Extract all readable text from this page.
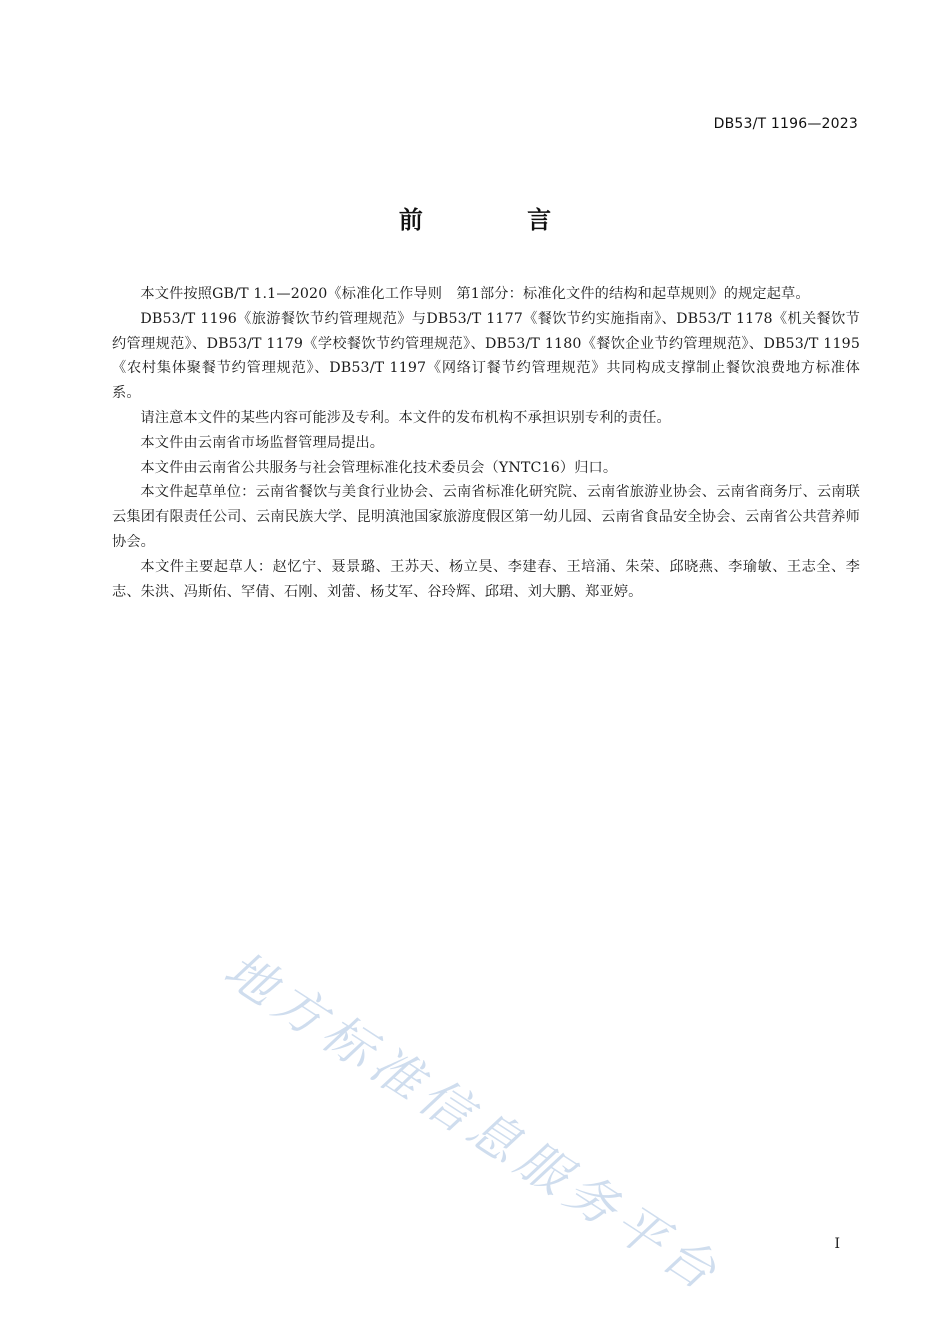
DB53/T 1196—2023
前 言

本文件按照GB/T 1.1—2020《标准化工作导则　第1部分：标准化文件的结构和起草规则》的规定起草。

DB53/T 1196《旅游餐饮节约管理规范》与DB53/T 1177《餐饮节约实施指南》、DB53/T 1178《机关餐饮节约管理规范》、DB53/T 1179《学校餐饮节约管理规范》、DB53/T 1180《餐饮企业节约管理规范》、DB53/T 1195《农村集体聚餐节约管理规范》、DB53/T 1197《网络订餐节约管理规范》共同构成支撑制止餐饮浪费地方标准体系。

请注意本文件的某些内容可能涉及专利。本文件的发布机构不承担识别专利的责任。

本文件由云南省市场监督管理局提出。

本文件由云南省公共服务与社会管理标准化技术委员会（YNTC16）归口。

本文件起草单位：云南省餐饮与美食行业协会、云南省标准化研究院、云南省旅游业协会、云南省商务厅、云南联云集团有限责任公司、云南民族大学、昆明滇池国家旅游度假区第一幼儿园、云南省食品安全协会、云南省公共营养师协会。

本文件主要起草人：赵忆宁、聂景璐、王苏天、杨立昊、李建春、王培涌、朱荣、邱晓燕、李瑜敏、王志全、李志、朱洪、冯斯佑、罕倩、石刚、刘蕾、杨艾军、谷玲辉、邱珺、刘大鹏、郑亚婷。

地方标准信息服务平台	I
